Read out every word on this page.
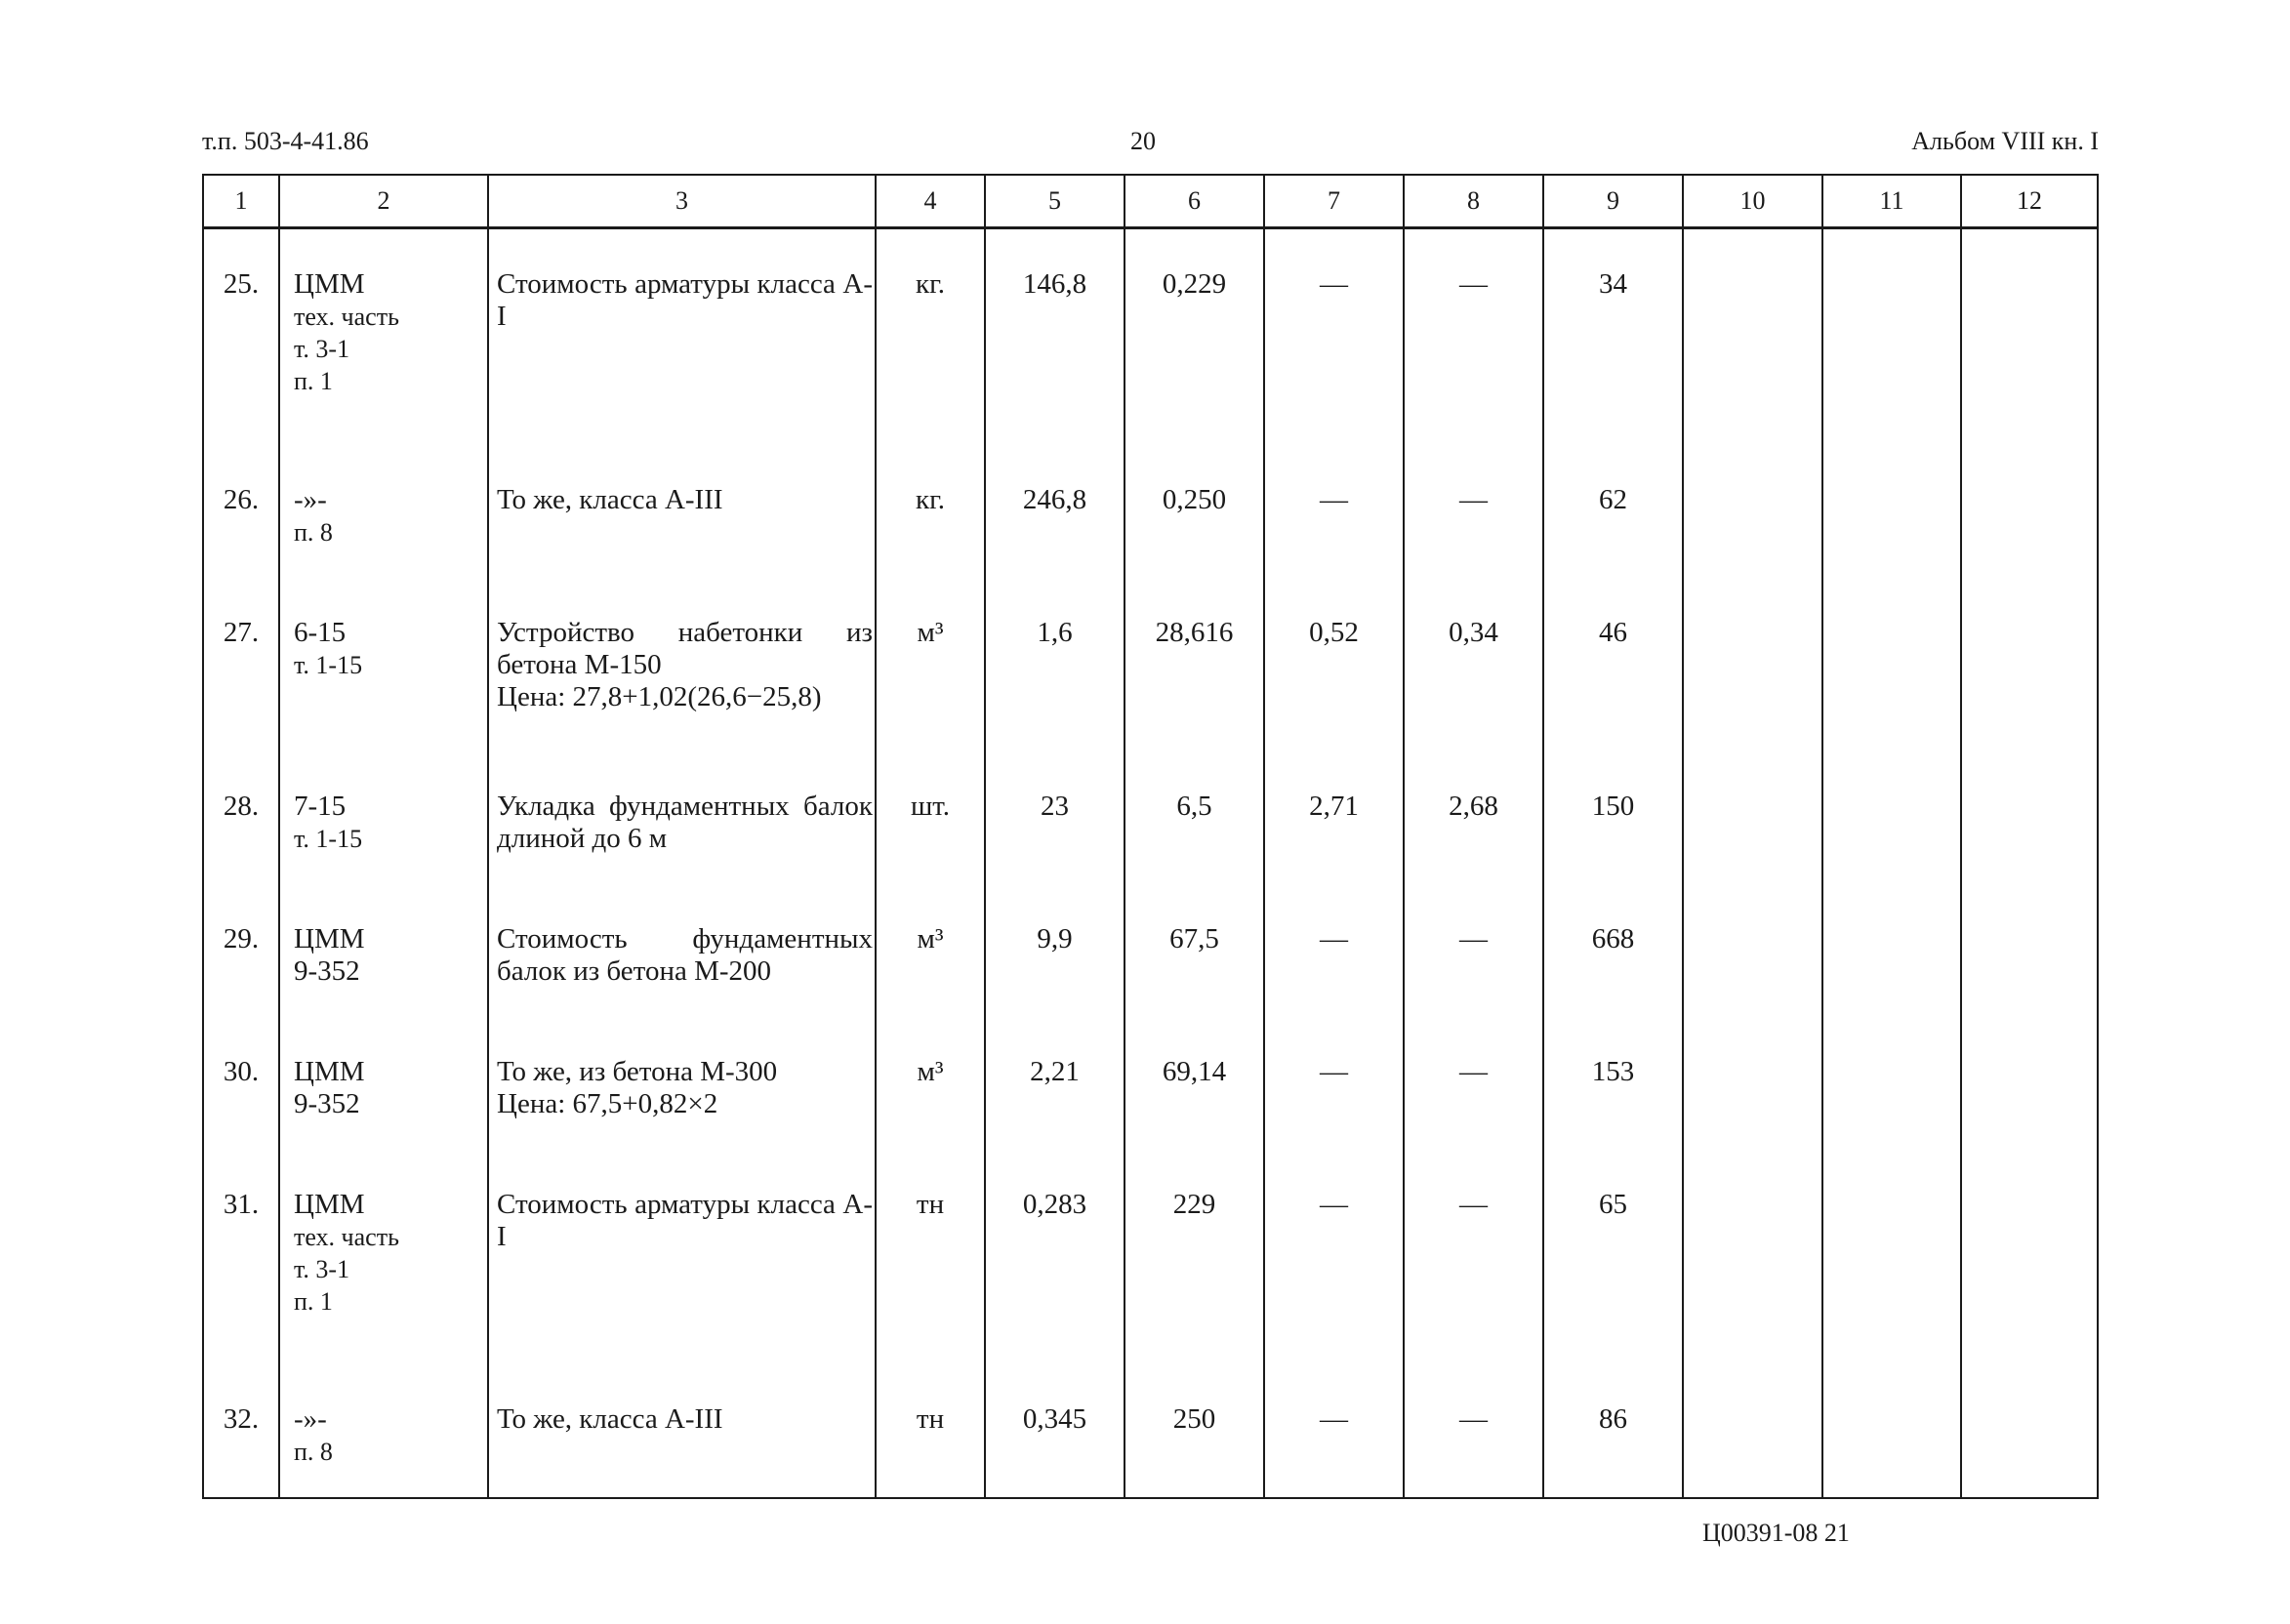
т.п. 503-4-41.86	20	Альбом VIII кн. I
1	2	3	4	5	6	7	8	9	10	11	12
25.	ЦММ
тех. часть
т. 3-1
п. 1	Стоимость арматуры класса А-I	кг.	146,8	0,229	—	—	34			
26.	-»-
п. 8	То же, класса А-III	кг.	246,8	0,250	—	—	62			
27.	6-15
т. 1-15	Устройство набетонки из бетона М-150
Цена: 27,8+1,02(26,6−25,8)	м³	1,6	28,616	0,52	0,34	46			
28.	7-15
т. 1-15	Укладка фундаментных балок длиной до 6 м	шт.	23	6,5	2,71	2,68	150			
29.	ЦММ
9-352	Стоимость фундаментных балок из бетона М-200	м³	9,9	67,5	—	—	668			
30.	ЦММ
9-352	То же, из бетона М-300
Цена: 67,5+0,82×2	м³	2,21	69,14	—	—	153			
31.	ЦММ
тех. часть
т. 3-1
п. 1	Стоимость арматуры класса А-I	тн	0,283	229	—	—	65			
32.	-»-
п. 8	То же, класса А-III	тн	0,345	250	—	—	86			

Ц00391-08 21
